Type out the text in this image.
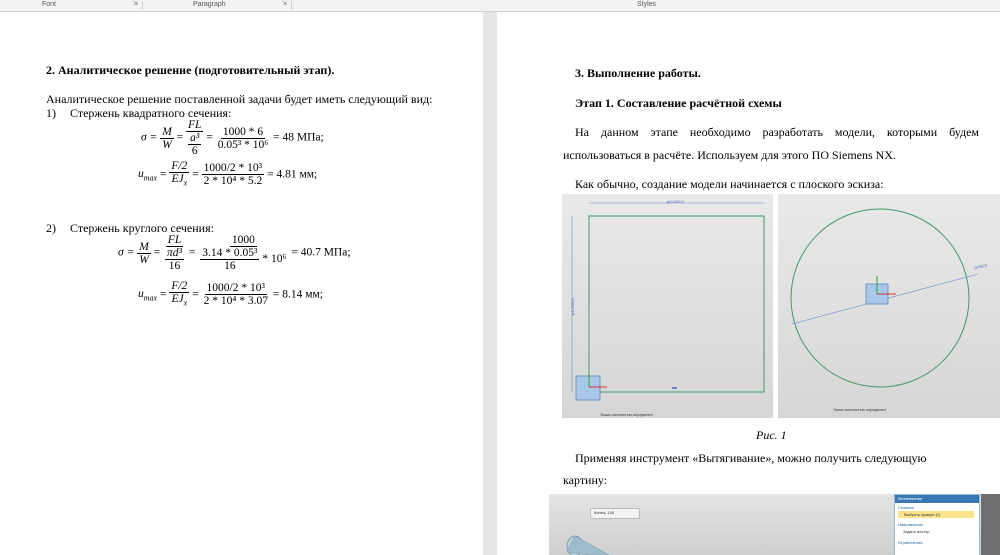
Font	⇲	Paragraph	⇲	Styles
2. Аналитическое решение (подготовительный этап).
Аналитическое решение поставленной задачи будет иметь следующий вид:
1) Стержень квадратного сечения:
$\sigma = \frac{M}{W} = \frac{FL}{\frac{\text{a³}}{6}} = \frac{1000 * 6}{\text{0.05³ * 10⁶}} = 48$ МПа;
$u_{max} = \frac{F/2}{EJ_x} = \frac{\text{1000/2 * 10³}}{\text{2 * 10⁴ * 5.2}} = 4.81$ мм;
2) Стержень круглого сечения:
$\sigma = \frac{M}{W} = \frac{FL}{\frac{\text{πd³}}{16}} = \frac{1000}{\frac{\text{3.14 * 0.05³}}{16} * 10^6} = 40.7$ МПа;
$u_{max} = \frac{F/2}{EJ_x} = \frac{\text{1000/2 * 10³}}{\text{2 * 10⁴ * 3.07}} = 8.14$ мм;
3. Выполнение работы.
Этап 1. Составление расчётной схемы
На данном этапе необходимо разработать модели, которыми будем
использоваться в расчёте. Используем для этого ПО Siemens NX.
Как обычно, создание модели начинается с плоского эскиза:
p2=100,0
p1=100,0
Эскиз полностью определен
D=50,0
Эскиз полностью определен
Рис. 1
Применяя инструмент «Вытягивание», можно получить следующую
картину:
Конец: 100
Вытягивание
Сечение
Выбрать кривую (1)
Направление
Задать вектор
Ограничения
